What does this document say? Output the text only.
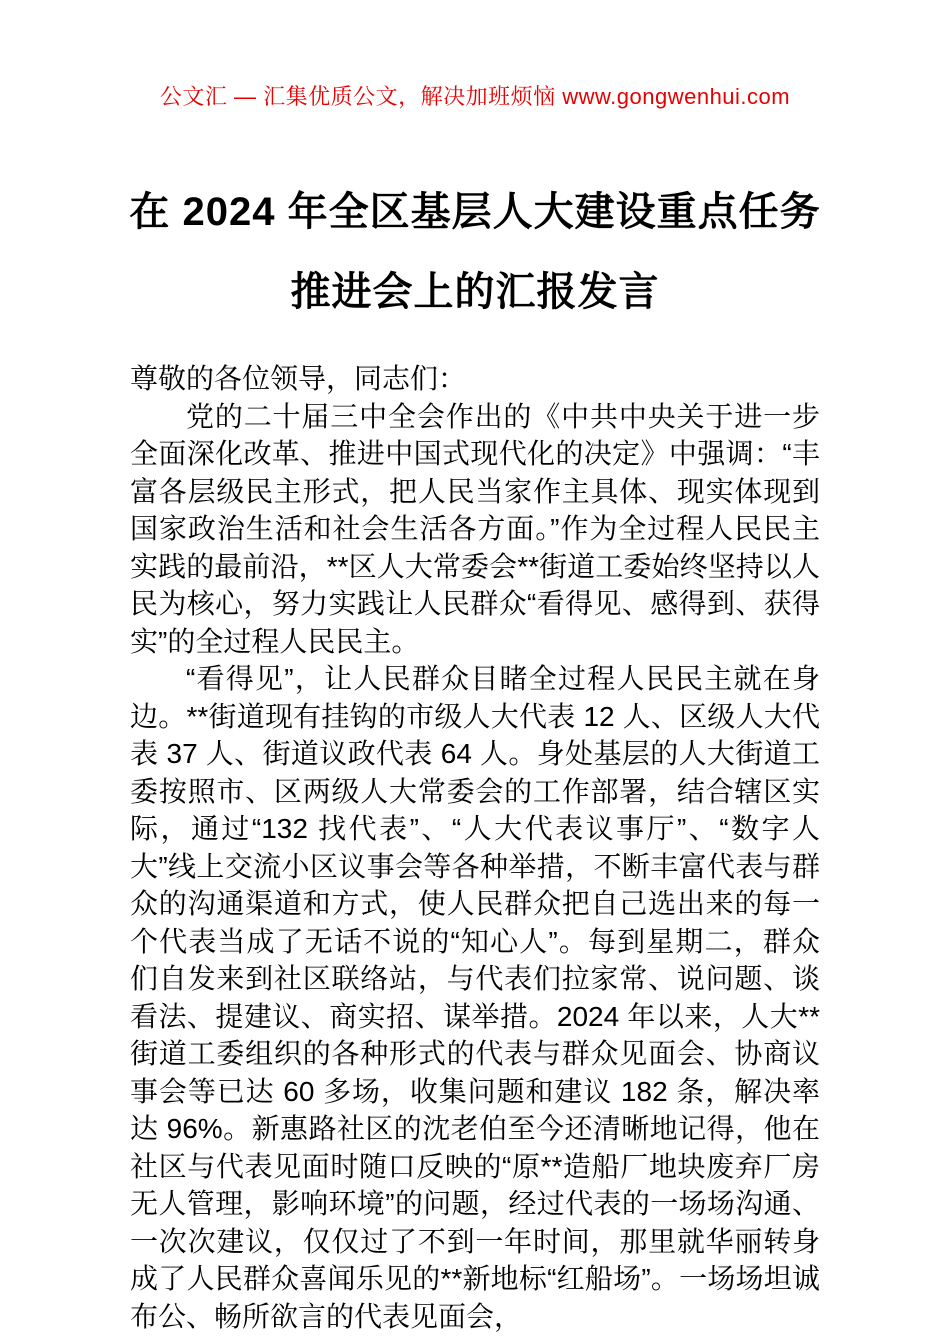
公文汇 — 汇集优质公文，解决加班烦恼 www.gongwenhui.com
在 2024 年全区基层人大建设重点任务推进会上的汇报发言

尊敬的各位领导，同志们：

党的二十届三中全会作出的《中共中央关于进一步全面深化改革、推进中国式现代化的决定》中强调：“丰富各层级民主形式，把人民当家作主具体、现实体现到国家政治生活和社会生活各方面。”作为全过程人民民主实践的最前沿，**区人大常委会**街道工委始终坚持以人民为核心，努力实践让人民群众“看得见、感得到、获得实”的全过程人民民主。

“看得见”，让人民群众目睹全过程人民民主就在身边。**街道现有挂钩的市级人大代表 12 人、区级人大代表 37 人、街道议政代表 64 人。身处基层的人大街道工委按照市、区两级人大常委会的工作部署，结合辖区实际，通过“132 找代表”、“人大代表议事厅”、“数字人大”线上交流小区议事会等各种举措，不断丰富代表与群众的沟通渠道和方式，使人民群众把自己选出来的每一个代表当成了无话不说的“知心人”。每到星期二，群众们自发来到社区联络站，与代表们拉家常、说问题、谈看法、提建议、商实招、谋举措。2024 年以来，人大**街道工委组织的各种形式的代表与群众见面会、协商议事会等已达 60 多场，收集问题和建议 182 条，解决率达 96%。新惠路社区的沈老伯至今还清晰地记得，他在社区与代表见面时随口反映的“原**造船厂地块废弃厂房无人管理，影响环境”的问题，经过代表的一场场沟通、一次次建议，仅仅过了不到一年时间，那里就华丽转身成了人民群众喜闻乐见的**新地标“红船场”。一场场坦诚布公、畅所欲言的代表见面会，
